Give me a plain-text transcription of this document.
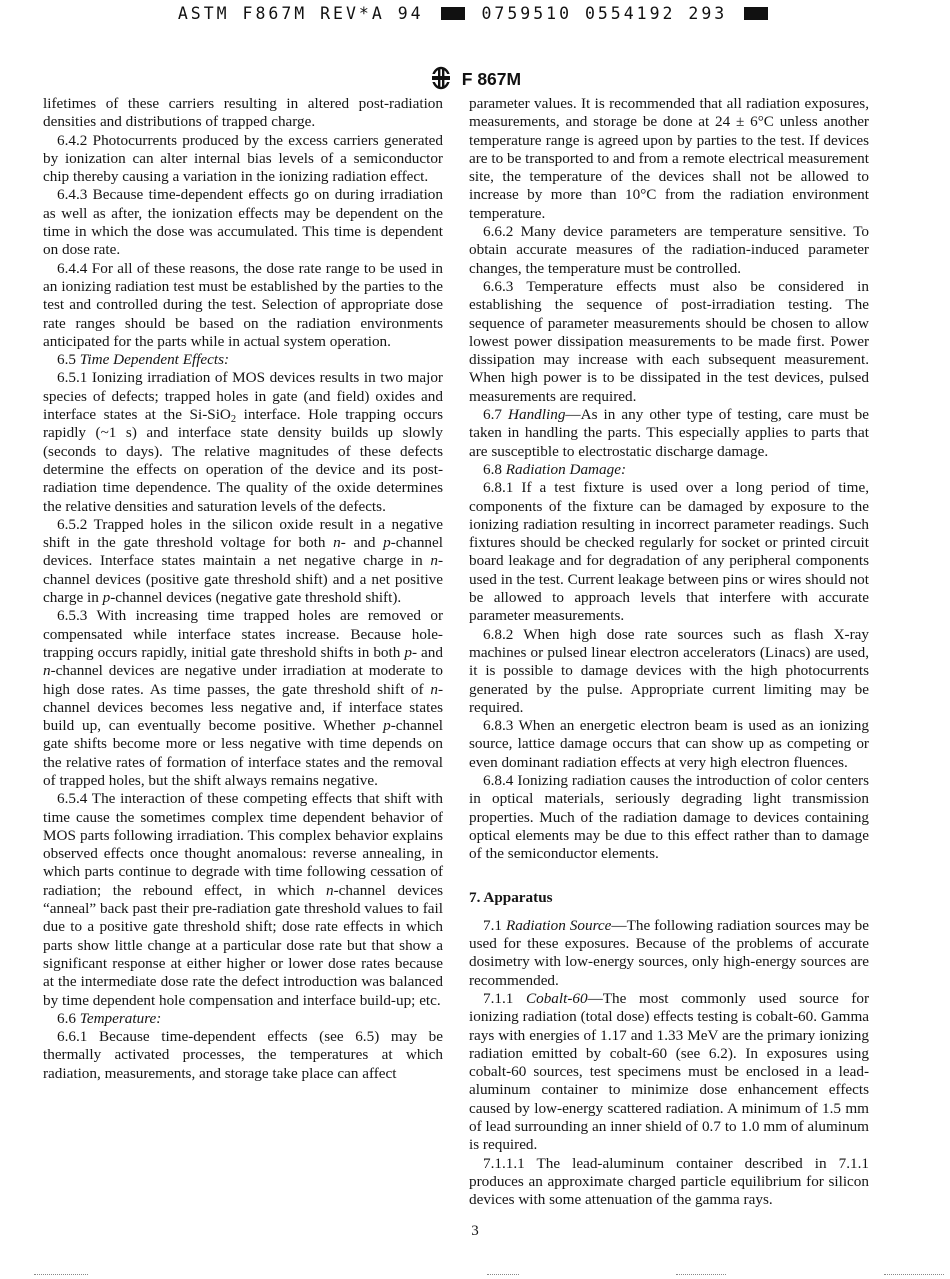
ASTM F867M REV*A 94	0759510 0554192 293
F 867M

lifetimes of these carriers resulting in altered post-radiation densities and distributions of trapped charge.

6.4.2 Photocurrents produced by the excess carriers generated by ionization can alter internal bias levels of a semiconductor chip thereby causing a variation in the ionizing radiation effect.

6.4.3 Because time-dependent effects go on during irradiation as well as after, the ionization effects may be dependent on the time in which the dose was accumulated. This time is dependent on dose rate.

6.4.4 For all of these reasons, the dose rate range to be used in an ionizing radiation test must be established by the parties to the test and controlled during the test. Selection of appropriate dose rate ranges should be based on the radiation environments anticipated for the parts while in actual system operation.

6.5 Time Dependent Effects:

6.5.1 Ionizing irradiation of MOS devices results in two major species of defects; trapped holes in gate (and field) oxides and interface states at the Si-SiO$_2$ interface. Hole trapping occurs rapidly (~1 s) and interface state density builds up slowly (seconds to days). The relative magnitudes of these defects determine the effects on operation of the device and its post-radiation time dependence. The quality of the oxide determines the relative densities and saturation levels of the defects.

6.5.2 Trapped holes in the silicon oxide result in a negative shift in the gate threshold voltage for both n- and p-channel devices. Interface states maintain a net negative charge in n-channel devices (positive gate threshold shift) and a net positive charge in p-channel devices (negative gate threshold shift).

6.5.3 With increasing time trapped holes are removed or compensated while interface states increase. Because hole-trapping occurs rapidly, initial gate threshold shifts in both p- and n-channel devices are negative under irradiation at moderate to high dose rates. As time passes, the gate threshold shift of n-channel devices becomes less negative and, if interface states build up, can eventually become positive. Whether p-channel gate shifts become more or less negative with time depends on the relative rates of formation of interface states and the removal of trapped holes, but the shift always remains negative.

6.5.4 The interaction of these competing effects that shift with time cause the sometimes complex time dependent behavior of MOS parts following irradiation. This complex behavior explains observed effects once thought anomalous: reverse annealing, in which parts continue to degrade with time following cessation of radiation; the rebound effect, in which n-channel devices “anneal” back past their pre-radiation gate threshold values to fail due to a positive gate threshold shift; dose rate effects in which parts show little change at a particular dose rate but that show a significant response at either higher or lower dose rates because at the intermediate dose rate the defect introduction was balanced by time dependent hole compensation and interface build-up; etc.

6.6 Temperature:

6.6.1 Because time-dependent effects (see 6.5) may be thermally activated processes, the temperatures at which radiation, measurements, and storage take place can affect

parameter values. It is recommended that all radiation exposures, measurements, and storage be done at 24 ± 6°C unless another temperature range is agreed upon by parties to the test. If devices are to be transported to and from a remote electrical measurement site, the temperature of the devices shall not be allowed to increase by more than 10°C from the radiation environment temperature.

6.6.2 Many device parameters are temperature sensitive. To obtain accurate measures of the radiation-induced parameter changes, the temperature must be controlled.

6.6.3 Temperature effects must also be considered in establishing the sequence of post-irradiation testing. The sequence of parameter measurements should be chosen to allow lowest power dissipation measurements to be made first. Power dissipation may increase with each subsequent measurement. When high power is to be dissipated in the test devices, pulsed measurements are required.

6.7 Handling—As in any other type of testing, care must be taken in handling the parts. This especially applies to parts that are susceptible to electrostatic discharge damage.

6.8 Radiation Damage:

6.8.1 If a test fixture is used over a long period of time, components of the fixture can be damaged by exposure to the ionizing radiation resulting in incorrect parameter readings. Such fixtures should be checked regularly for socket or printed circuit board leakage and for degradation of any peripheral components used in the test. Current leakage between pins or wires should not be allowed to approach levels that interfere with accurate parameter measurements.

6.8.2 When high dose rate sources such as flash X-ray machines or pulsed linear electron accelerators (Linacs) are used, it is possible to damage devices with the high photocurrents generated by the pulse. Appropriate current limiting may be required.

6.8.3 When an energetic electron beam is used as an ionizing source, lattice damage occurs that can show up as competing or even dominant radiation effects at very high electron fluences.

6.8.4 Ionizing radiation causes the introduction of color centers in optical materials, seriously degrading light transmission properties. Much of the radiation damage to devices containing optical elements may be due to this effect rather than to damage of the semiconductor elements.

7. Apparatus

7.1 Radiation Source—The following radiation sources may be used for these exposures. Because of the problems of accurate dosimetry with low-energy sources, only high-energy sources are recommended.

7.1.1 Cobalt-60—The most commonly used source for ionizing radiation (total dose) effects testing is cobalt-60. Gamma rays with energies of 1.17 and 1.33 MeV are the primary ionizing radiation emitted by cobalt-60 (see 6.2). In exposures using cobalt-60 sources, test specimens must be enclosed in a lead-aluminum container to minimize dose enhancement effects caused by low-energy scattered radiation. A minimum of 1.5 mm of lead surrounding an inner shield of 0.7 to 1.0 mm of aluminum is required.

7.1.1.1 The lead-aluminum container described in 7.1.1 produces an approximate charged particle equilibrium for silicon devices with some attenuation of the gamma rays.

3
